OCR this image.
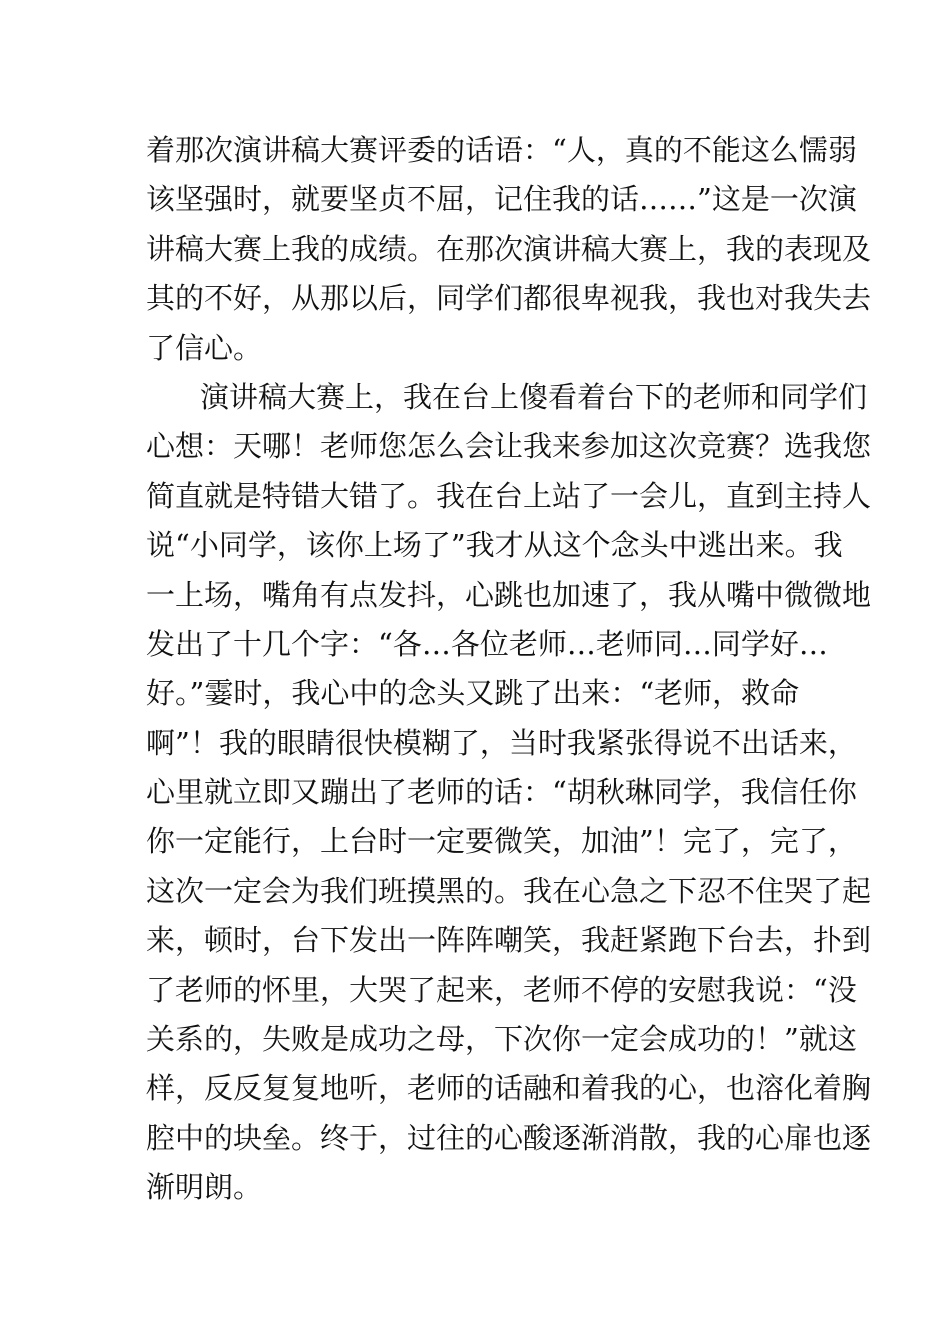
着那次演讲稿大赛评委的话语：“人，真的不能这么懦弱
该坚强时，就要坚贞不屈，记住我的话……”这是一次演
讲稿大赛上我的成绩。在那次演讲稿大赛上，我的表现及
其的不好，从那以后，同学们都很卑视我，我也对我失去
了信心。
演讲稿大赛上，我在台上傻看着台下的老师和同学们
心想：天哪！老师您怎么会让我来参加这次竞赛？选我您
简直就是特错大错了。我在台上站了一会儿，直到主持人
说“小同学，该你上场了”我才从这个念头中逃出来。我
一上场，嘴角有点发抖，心跳也加速了，我从嘴中微微地
发出了十几个字：“各…各位老师…老师同…同学好…
好。”霎时，我心中的念头又跳了出来：“老师，救命
啊”！我的眼睛很快模糊了，当时我紧张得说不出话来，
心里就立即又蹦出了老师的话：“胡秋琳同学，我信任你
你一定能行，上台时一定要微笑，加油”！完了，完了，
这次一定会为我们班摸黑的。我在心急之下忍不住哭了起
来，顿时，台下发出一阵阵嘲笑，我赶紧跑下台去，扑到
了老师的怀里，大哭了起来，老师不停的安慰我说：“没
关系的，失败是成功之母，下次你一定会成功的！”就这
样，反反复复地听，老师的话融和着我的心，也溶化着胸
腔中的块垒。终于，过往的心酸逐渐消散，我的心扉也逐
渐明朗。
